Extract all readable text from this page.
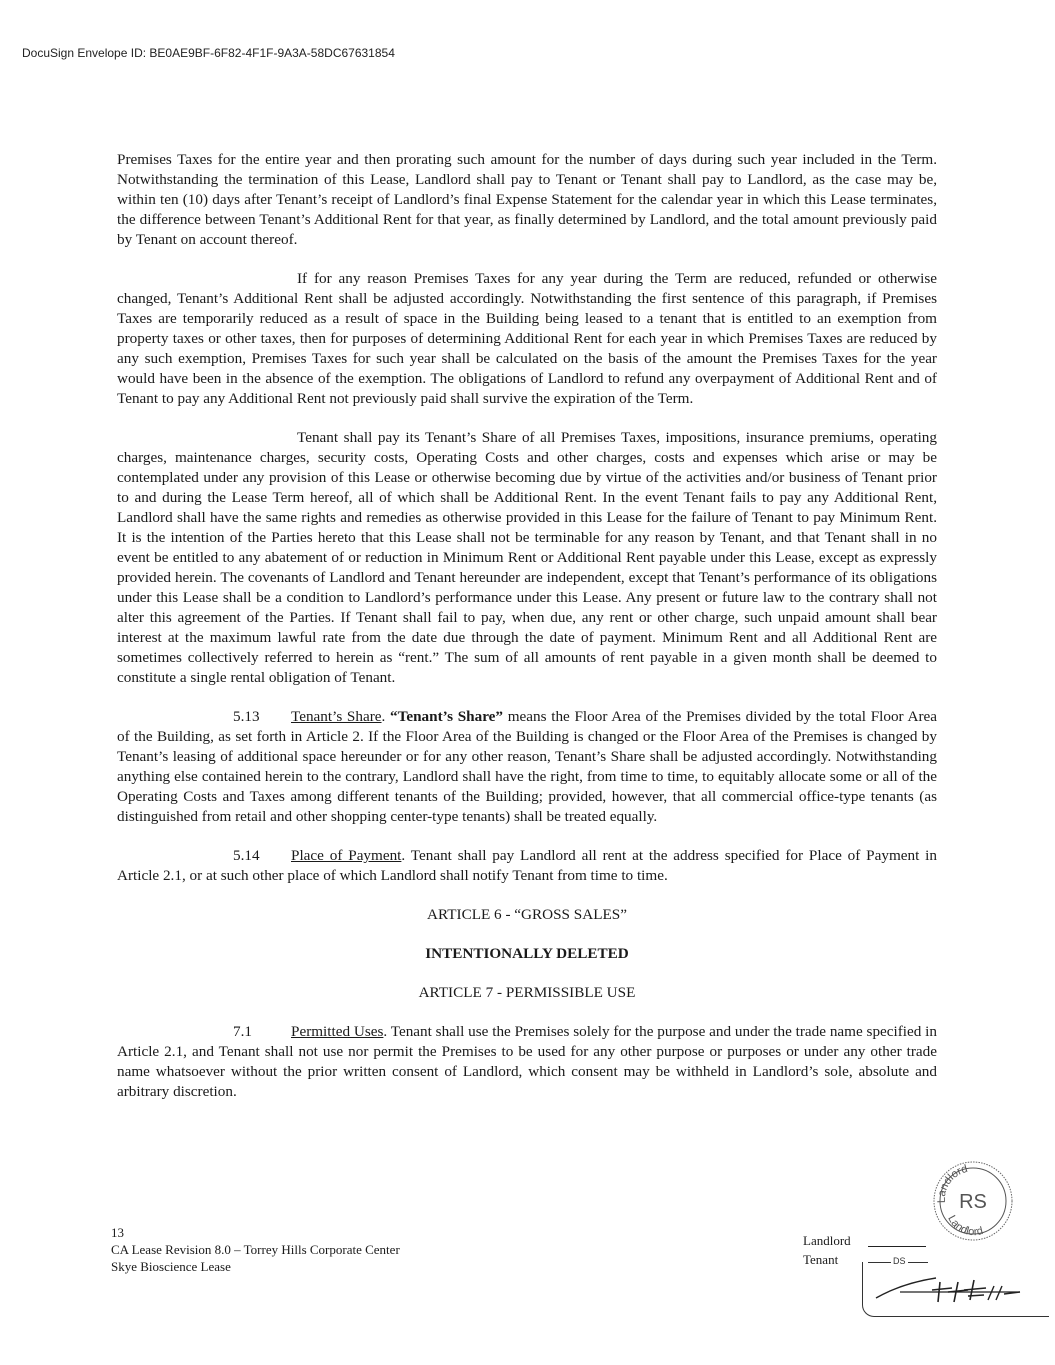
DocuSign Envelope ID: BE0AE9BF-6F82-4F1F-9A3A-58DC67631854

Premises Taxes for the entire year and then prorating such amount for the number of days during such year included in the Term. Notwithstanding the termination of this Lease, Landlord shall pay to Tenant or Tenant shall pay to Landlord, as the case may be, within ten (10) days after Tenant’s receipt of Landlord’s final Expense Statement for the calendar year in which this Lease terminates, the difference between Tenant’s Additional Rent for that year, as finally determined by Landlord, and the total amount previously paid by Tenant on account thereof.

If for any reason Premises Taxes for any year during the Term are reduced, refunded or otherwise changed, Tenant’s Additional Rent shall be adjusted accordingly. Notwithstanding the first sentence of this paragraph, if Premises Taxes are temporarily reduced as a result of space in the Building being leased to a tenant that is entitled to an exemption from property taxes or other taxes, then for purposes of determining Additional Rent for each year in which Premises Taxes are reduced by any such exemption, Premises Taxes for such year shall be calculated on the basis of the amount the Premises Taxes for the year would have been in the absence of the exemption. The obligations of Landlord to refund any overpayment of Additional Rent and of Tenant to pay any Additional Rent not previously paid shall survive the expiration of the Term.

Tenant shall pay its Tenant’s Share of all Premises Taxes, impositions, insurance premiums, operating charges, maintenance charges, security costs, Operating Costs and other charges, costs and expenses which arise or may be contemplated under any provision of this Lease or otherwise becoming due by virtue of the activities and/or business of Tenant prior to and during the Lease Term hereof, all of which shall be Additional Rent. In the event Tenant fails to pay any Additional Rent, Landlord shall have the same rights and remedies as otherwise provided in this Lease for the failure of Tenant to pay Minimum Rent. It is the intention of the Parties hereto that this Lease shall not be terminable for any reason by Tenant, and that Tenant shall in no event be entitled to any abatement of or reduction in Minimum Rent or Additional Rent payable under this Lease, except as expressly provided herein. The covenants of Landlord and Tenant hereunder are independent, except that Tenant’s performance of its obligations under this Lease shall be a condition to Landlord’s performance under this Lease. Any present or future law to the contrary shall not alter this agreement of the Parties. If Tenant shall fail to pay, when due, any rent or other charge, such unpaid amount shall bear interest at the maximum lawful rate from the date due through the date of payment. Minimum Rent and all Additional Rent are sometimes collectively referred to herein as “rent.” The sum of all amounts of rent payable in a given month shall be deemed to constitute a single rental obligation of Tenant.

5.13 Tenant’s Share. “Tenant’s Share” means the Floor Area of the Premises divided by the total Floor Area of the Building, as set forth in Article 2. If the Floor Area of the Building is changed or the Floor Area of the Premises is changed by Tenant’s leasing of additional space hereunder or for any other reason, Tenant’s Share shall be adjusted accordingly. Notwithstanding anything else contained herein to the contrary, Landlord shall have the right, from time to time, to equitably allocate some or all of the Operating Costs and Taxes among different tenants of the Building; provided, however, that all commercial office-type tenants (as distinguished from retail and other shopping center-type tenants) shall be treated equally.

5.14 Place of Payment. Tenant shall pay Landlord all rent at the address specified for Place of Payment in Article 2.1, or at such other place of which Landlord shall notify Tenant from time to time.

ARTICLE 6 - “GROSS SALES”
INTENTIONALLY DELETED
ARTICLE 7 - PERMISSIBLE USE

7.1	Permitted Uses. Tenant shall use the Premises solely for the purpose and under the trade name specified in Article 2.1, and Tenant shall not use nor permit the Premises to be used for any other purpose or purposes or under any other trade name whatsoever without the prior written consent of Landlord, which consent may be withheld in Landlord’s sole, absolute and arbitrary discretion.

13
CA Lease Revision 8.0 – Torrey Hills Corporate Center
Skye Bioscience Lease
Landlord
RS
Landlord
Landlord
Tenant	DS
